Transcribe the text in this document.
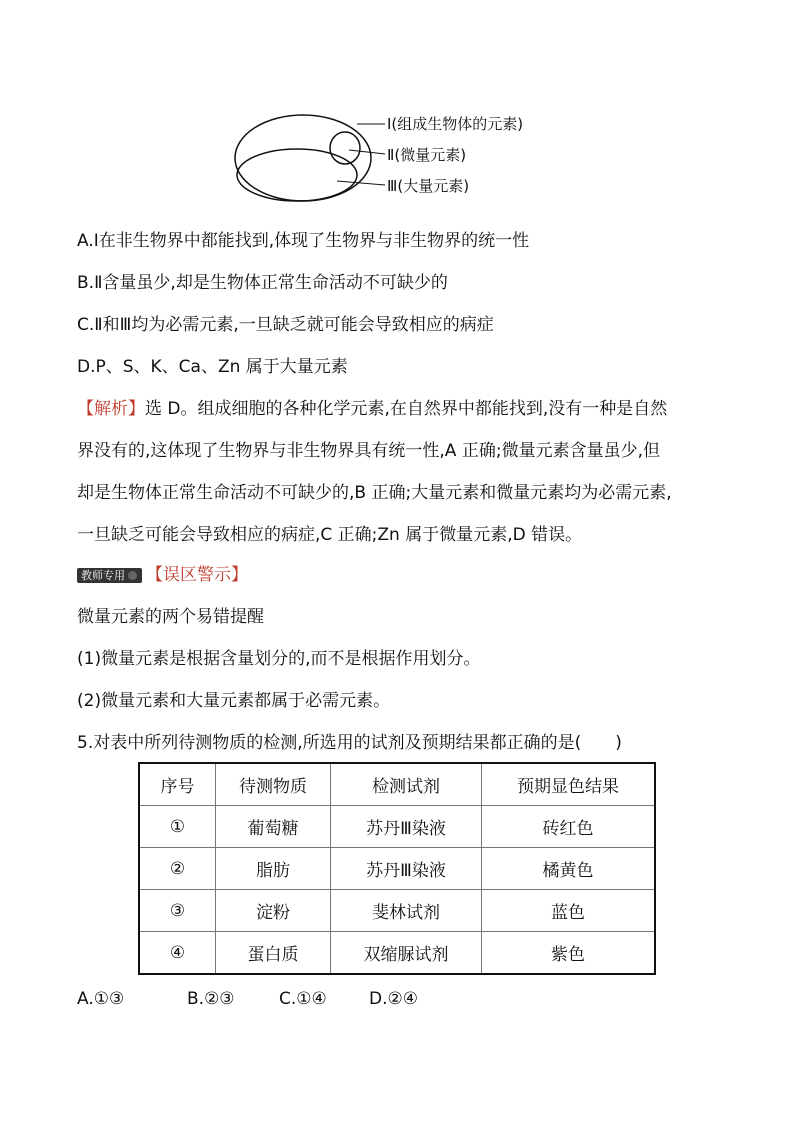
Ⅰ(组成生物体的元素)
Ⅱ(微量元素)
Ⅲ(大量元素)
A.Ⅰ在非生物界中都能找到,体现了生物界与非生物界的统一性
B.Ⅱ含量虽少,却是生物体正常生命活动不可缺少的
C.Ⅱ和Ⅲ均为必需元素,一旦缺乏就可能会导致相应的病症
D.P、S、K、Ca、Zn 属于大量元素
【解析】选 D。组成细胞的各种化学元素,在自然界中都能找到,没有一种是自然
界没有的,这体现了生物界与非生物界具有统一性,A 正确;微量元素含量虽少,但
却是生物体正常生命活动不可缺少的,B 正确;大量元素和微量元素均为必需元素,
一旦缺乏可能会导致相应的病症,C 正确;Zn 属于微量元素,D 错误。
教师专用 【误区警示】
微量元素的两个易错提醒
(1)微量元素是根据含量划分的,而不是根据作用划分。
(2)微量元素和大量元素都属于必需元素。
5.对表中所列待测物质的检测,所选用的试剂及预期结果都正确的是(　　)
序号	待测物质	检测试剂	预期显色结果
①	葡萄糖	苏丹Ⅲ染液	砖红色
②	脂肪	苏丹Ⅲ染液	橘黄色
③	淀粉	斐林试剂	蓝色
④	蛋白质	双缩脲试剂	紫色
A.①③	B.②③	C.①④ D.②④
